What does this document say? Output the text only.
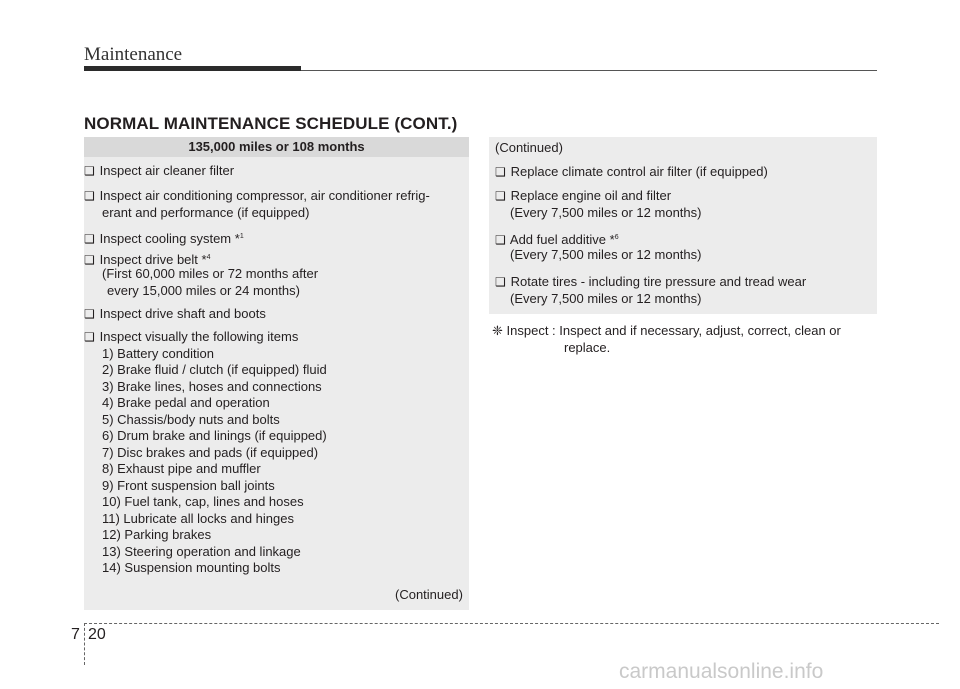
Maintenance
NORMAL MAINTENANCE SCHEDULE (CONT.)
135,000 miles or 108 months
❑ Inspect air cleaner filter
❑ Inspect air conditioning compressor, air conditioner refrig-
erant and performance (if equipped)
❑ Inspect cooling system *$^1$
❑ Inspect drive belt *$^4$
(First 60,000 miles or 72 months after
every 15,000 miles or 24 months)
❑ Inspect drive shaft and boots
❑ Inspect visually the following items
1) Battery condition
2) Brake fluid / clutch (if equipped) fluid
3) Brake lines, hoses and connections
4) Brake pedal and operation
5) Chassis/body nuts and bolts
6) Drum brake and linings (if equipped)
7) Disc brakes and pads (if equipped)
8) Exhaust pipe and muffler
9) Front suspension ball joints
10) Fuel tank, cap, lines and hoses
11) Lubricate all locks and hinges
12) Parking brakes
13) Steering operation and linkage
14) Suspension mounting bolts
(Continued)
(Continued)
❑ Replace climate control air filter (if equipped)
❑ Replace engine oil and filter
(Every 7,500 miles or 12 months)
❑ Add fuel additive *$^6$
(Every 7,500 miles or 12 months)
❑ Rotate tires - including tire pressure and tread wear
(Every 7,500 miles or 12 months)
❈ Inspect : Inspect and if necessary, adjust, correct, clean or
replace.
7 20
carmanualsonline.info
